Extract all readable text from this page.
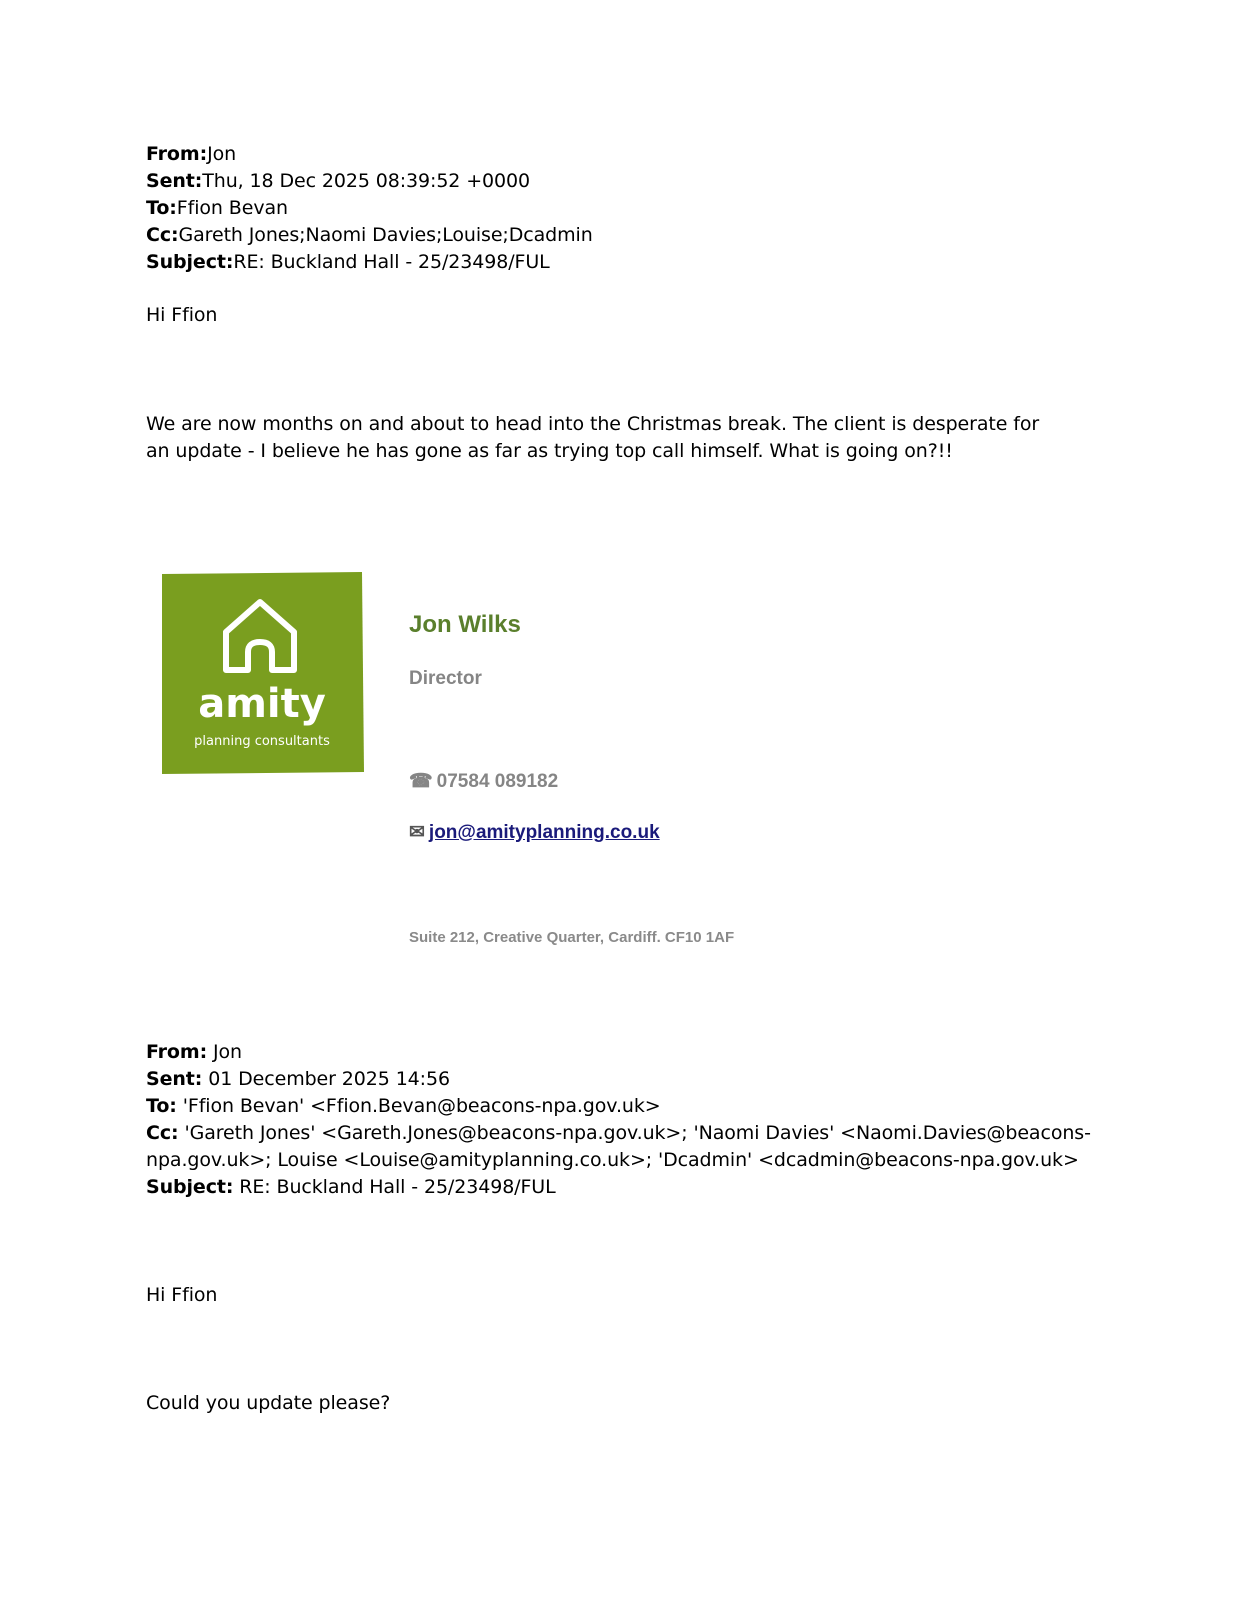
From:Jon
Sent:Thu, 18 Dec 2025 08:39:52 +0000
To:Ffion Bevan
Cc:Gareth Jones;Naomi Davies;Louise;Dcadmin
Subject:RE: Buckland Hall - 25/23498/FUL
Hi Ffion
We are now months on and about to head into the Christmas break. The client is desperate for an update - I believe he has gone as far as trying top call himself. What is going on?!!
amity
planning consultants
Jon Wilks
Director
☎ 07584 089182
✉ jon@amityplanning.co.uk
Suite 212, Creative Quarter, Cardiff. CF10 1AF
From: Jon
Sent: 01 December 2025 14:56
To: 'Ffion Bevan' <Ffion.Bevan@beacons-npa.gov.uk>
Cc: 'Gareth Jones' <Gareth.Jones@beacons-npa.gov.uk>; 'Naomi Davies' <Naomi.Davies@beacons-
npa.gov.uk>; Louise <Louise@amityplanning.co.uk>; 'Dcadmin' <dcadmin@beacons-npa.gov.uk>
Subject: RE: Buckland Hall - 25/23498/FUL
Hi Ffion
Could you update please?
